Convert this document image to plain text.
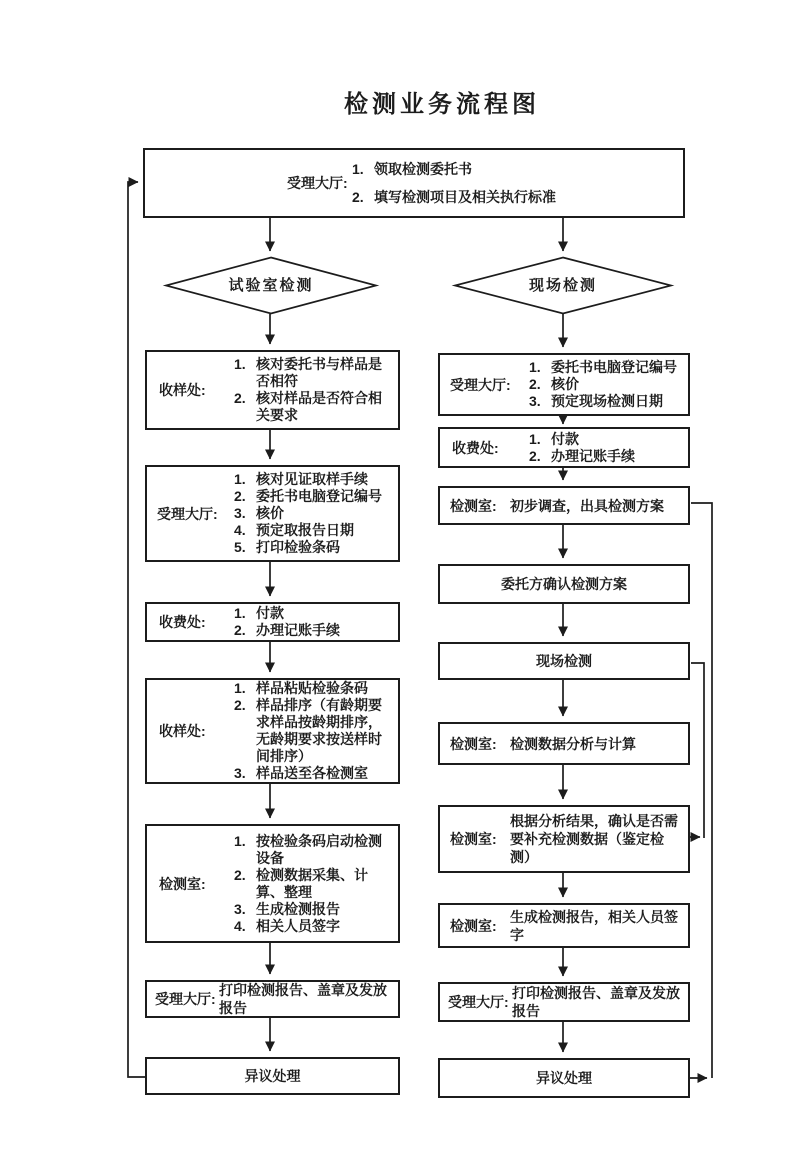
检测业务流程图
受理大厅:
1. 领取检测委托书
2. 填写检测项目及相关执行标准
试验室检测	现场检测
收样处:
1. 核对委托书与样品是否相符
2. 核对样品是否符合相关要求
受理大厅:
1. 核对见证取样手续
2. 委托书电脑登记编号
3. 核价
4. 预定取报告日期
5. 打印检验条码
收费处:
1. 付款
2. 办理记账手续
收样处:
1. 样品粘贴检验条码
2. 样品排序（有龄期要求样品按龄期排序，无龄期要求按送样时间排序）
3. 样品送至各检测室
检测室:
1. 按检验条码启动检测设备
2. 检测数据采集、计算、整理
3. 生成检测报告
4. 相关人员签字
受理大厅:
打印检测报告、盖章及发放报告
异议处理
受理大厅:
1. 委托书电脑登记编号
2. 核价
3. 预定现场检测日期
收费处:
1. 付款
2. 办理记账手续
检测室: 初步调查，出具检测方案
委托方确认检测方案
现场检测
检测室: 检测数据分析与计算
检测室:
根据分析结果，确认是否需要补充检测数据（鉴定检测）
检测室:
生成检测报告，相关人员签字
受理大厅:
打印检测报告、盖章及发放报告
异议处理
